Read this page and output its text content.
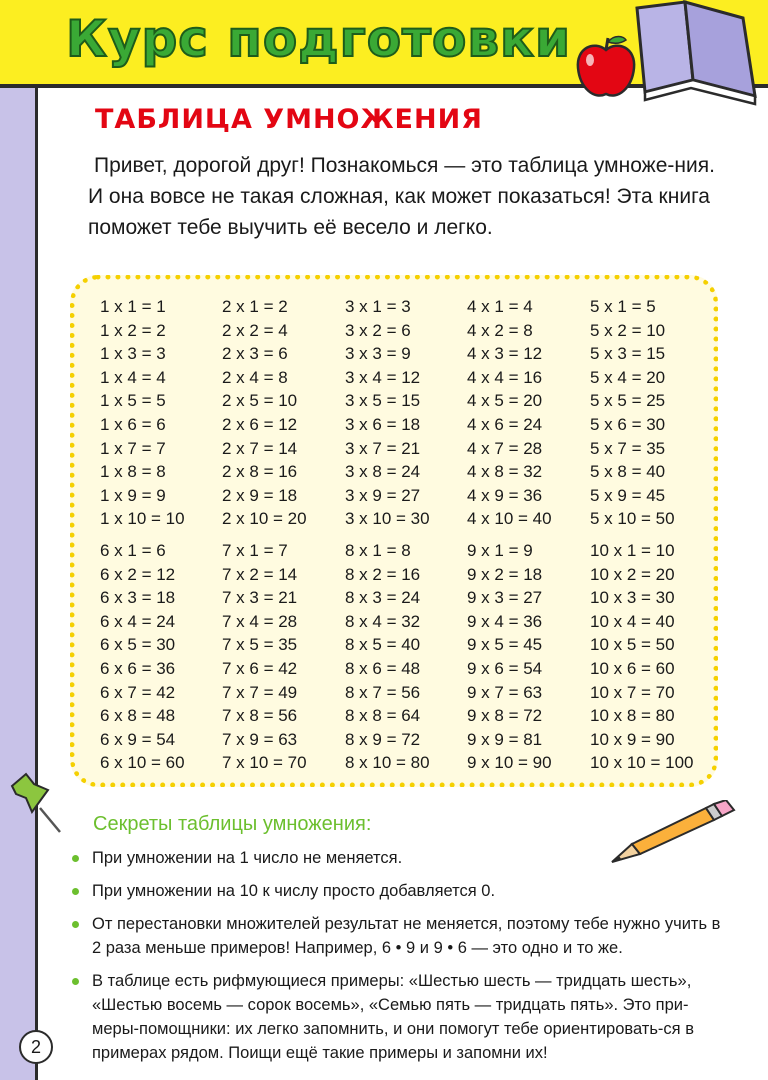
Курс подготовки
ТАБЛИЦА УМНОЖЕНИЯ
Привет, дорогой друг! Познакомься — это таблица умноже-ния. И она вовсе не такая сложная, как может показаться! Эта книга поможет тебе выучить её весело и легко.
1 x 1 = 1
1 x 2 = 2
1 x 3 = 3
1 x 4 = 4
1 x 5 = 5
1 x 6 = 6
1 x 7 = 7
1 x 8 = 8
1 x 9 = 9
1 x 10 = 10
2 x 1 = 2
2 x 2 = 4
2 x 3 = 6
2 x 4 = 8
2 x 5 = 10
2 x 6 = 12
2 x 7 = 14
2 x 8 = 16
2 x 9 = 18
2 x 10 = 20
3 x 1 = 3
3 x 2 = 6
3 x 3 = 9
3 x 4 = 12
3 x 5 = 15
3 x 6 = 18
3 x 7 = 21
3 x 8 = 24
3 x 9 = 27
3 x 10 = 30
4 x 1 = 4
4 x 2 = 8
4 x 3 = 12
4 x 4 = 16
4 x 5 = 20
4 x 6 = 24
4 x 7 = 28
4 x 8 = 32
4 x 9 = 36
4 x 10 = 40
5 x 1 = 5
5 x 2 = 10
5 x 3 = 15
5 x 4 = 20
5 x 5 = 25
5 x 6 = 30
5 x 7 = 35
5 x 8 = 40
5 x 9 = 45
5 x 10 = 50
6 x 1 = 6
6 x 2 = 12
6 x 3 = 18
6 x 4 = 24
6 x 5 = 30
6 x 6 = 36
6 x 7 = 42
6 x 8 = 48
6 x 9 = 54
6 x 10 = 60
7 x 1 = 7
7 x 2 = 14
7 x 3 = 21
7 x 4 = 28
7 x 5 = 35
7 x 6 = 42
7 x 7 = 49
7 x 8 = 56
7 x 9 = 63
7 x 10 = 70
8 x 1 = 8
8 x 2 = 16
8 x 3 = 24
8 x 4 = 32
8 x 5 = 40
8 x 6 = 48
8 x 7 = 56
8 x 8 = 64
8 x 9 = 72
8 x 10 = 80
9 x 1 = 9
9 x 2 = 18
9 x 3 = 27
9 x 4 = 36
9 x 5 = 45
9 x 6 = 54
9 x 7 = 63
9 x 8 = 72
9 x 9 = 81
9 x 10 = 90
10 x 1 = 10
10 x 2 = 20
10 x 3 = 30
10 x 4 = 40
10 x 5 = 50
10 x 6 = 60
10 x 7 = 70
10 x 8 = 80
10 x 9 = 90
10 x 10 = 100
Секреты таблицы умножения:
При умножении на 1 число не меняется.
При умножении на 10 к числу просто добавляется 0.
От перестановки множителей результат не меняется, поэтому тебе нужно учить в 2 раза меньше примеров! Например, 6 • 9 и 9 • 6 — это одно и то же.
В таблице есть рифмующиеся примеры: «Шестью шесть — тридцать шесть», «Шестью восемь — сорок восемь», «Семью пять — тридцать пять». Это при-меры-помощники: их легко запомнить, и они помогут тебе ориентировать-ся в примерах рядом. Поищи ещё такие примеры и запомни их!
2
